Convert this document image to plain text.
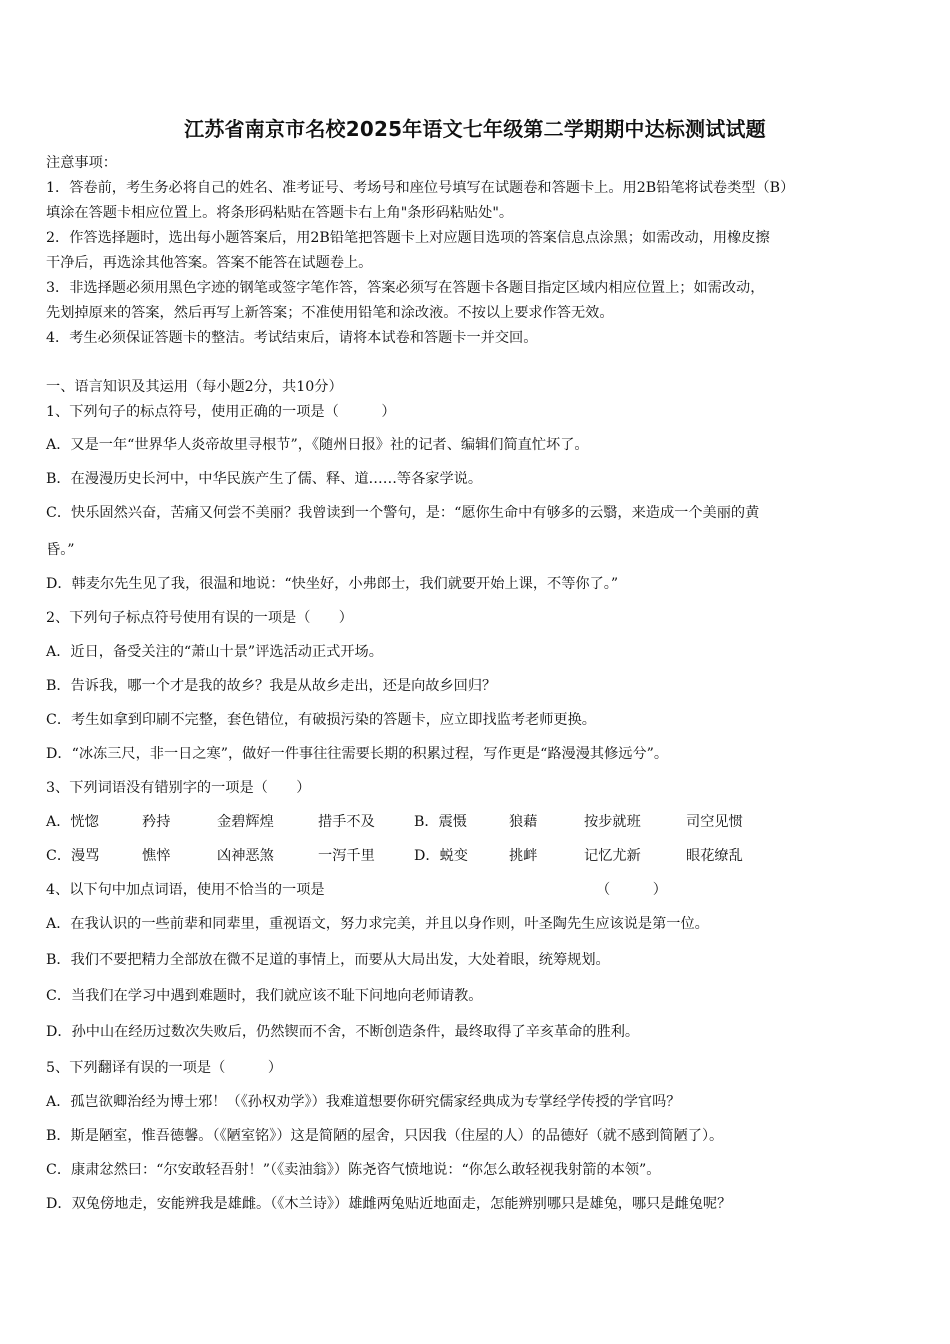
江苏省南京市名校2025年语文七年级第二学期期中达标测试试题
注意事项：
1．答卷前，考生务必将自己的姓名、准考证号、考场号和座位号填写在试题卷和答题卡上。用2B铅笔将试卷类型（B）
填涂在答题卡相应位置上。将条形码粘贴在答题卡右上角"条形码粘贴处"。
2．作答选择题时，选出每小题答案后，用2B铅笔把答题卡上对应题目选项的答案信息点涂黑；如需改动，用橡皮擦
干净后，再选涂其他答案。答案不能答在试题卷上。
3．非选择题必须用黑色字迹的钢笔或签字笔作答，答案必须写在答题卡各题目指定区域内相应位置上；如需改动，
先划掉原来的答案，然后再写上新答案；不准使用铅笔和涂改液。不按以上要求作答无效。
4．考生必须保证答题卡的整洁。考试结束后，请将本试卷和答题卡一并交回。
一、语言知识及其运用（每小题2分，共10分）
1、下列句子的标点符号，使用正确的一项是（　　　）
A．又是一年“世界华人炎帝故里寻根节”，《随州日报》社的记者、编辑们简直忙坏了。
B．在漫漫历史长河中，中华民族产生了儒、释、道……等各家学说。
C．快乐固然兴奋，苦痛又何尝不美丽？我曾读到一个警句，是：“愿你生命中有够多的云翳，来造成一个美丽的黄
昏。”
D．韩麦尔先生见了我，很温和地说：“快坐好，小弗郎士，我们就要开始上课，不等你了。”
2、下列句子标点符号使用有误的一项是（　　）
A．近日，备受关注的“萧山十景”评选活动正式开场。
B．告诉我，哪一个才是我的故乡？我是从故乡走出，还是向故乡回归？
C．考生如拿到印刷不完整，套色错位，有破损污染的答题卡，应立即找监考老师更换。
D．“冰冻三尺，非一日之寒”，做好一件事往往需要长期的积累过程，写作更是“路漫漫其修远兮”。
3、下列词语没有错别字的一项是（　　）
A．恍惚	矜持	金碧辉煌	措手不及	B．震慑	狼藉	按步就班	司空见惯
C．漫骂	憔悴	凶神恶煞	一泻千里	D．蜕变	挑衅	记忆尤新	眼花缭乱
4、以下句中加点词语，使用不恰当的一项是	（　　　）
A．在我认识的一些前辈和同辈里，重视语文，努力求完美，并且以身作则，叶圣陶先生应该说是第一位。
B．我们不要把精力全部放在微不足道的事情上，而要从大局出发，大处着眼，统筹规划。
C．当我们在学习中遇到难题时，我们就应该不耻下问地向老师请教。
D．孙中山在经历过数次失败后，仍然锲而不舍，不断创造条件，最终取得了辛亥革命的胜利。
5、下列翻译有误的一项是（　　　）
A．孤岂欲卿治经为博士邪！（《孙权劝学》）我难道想要你研究儒家经典成为专掌经学传授的学官吗？
B．斯是陋室，惟吾德馨。（《陋室铭》）这是简陋的屋舍，只因我（住屋的人）的品德好（就不感到简陋了）。
C．康肃忿然曰：“尔安敢轻吾射！”（《卖油翁》）陈尧咨气愤地说：“你怎么敢轻视我射箭的本领”。
D．双兔傍地走，安能辨我是雄雌。（《木兰诗》）雄雌两兔贴近地面走，怎能辨别哪只是雄兔，哪只是雌兔呢？
